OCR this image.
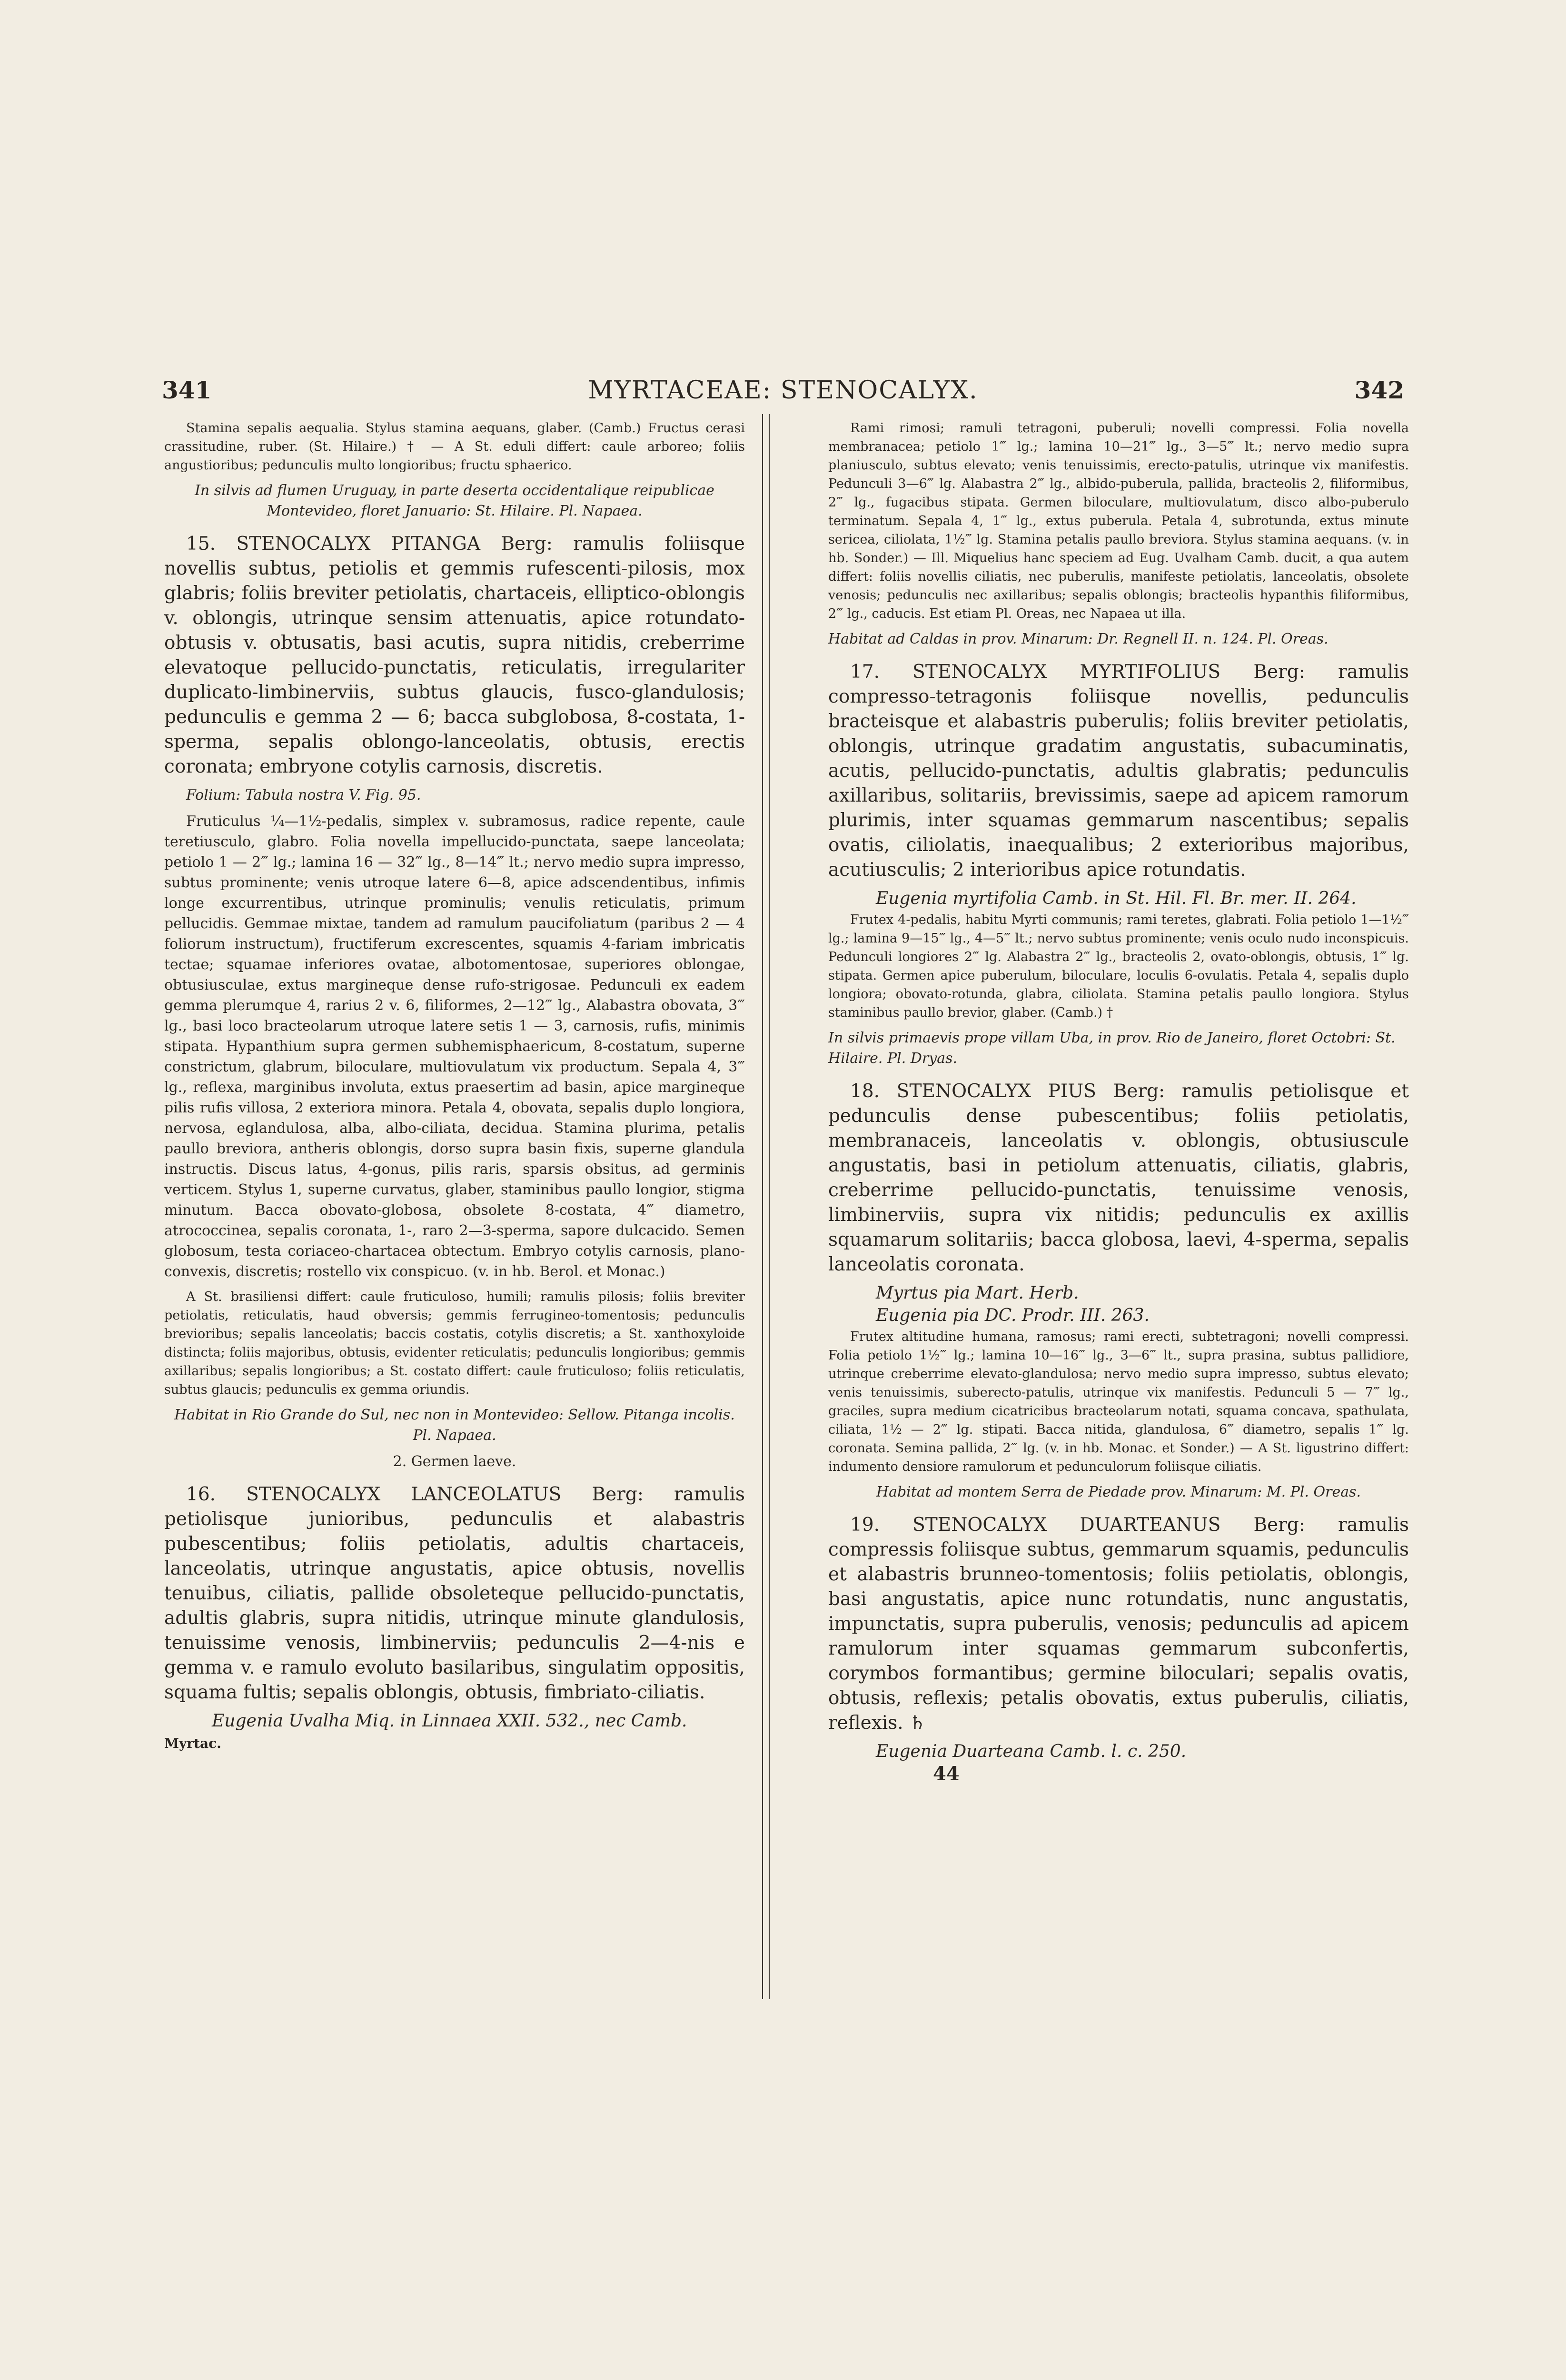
341	MYRTACEAE: STENOCALYX.	342

Stamina sepalis aequalia. Stylus stamina aequans, glaber. (Camb.) Fructus cerasi crassitudine, ruber. (St. Hilaire.) † — A St. eduli differt: caule arboreo; foliis angustioribus; pedunculis multo longioribus; fructu sphaerico.

In silvis ad flumen Uruguay, in parte deserta occidentalique reipublicae Montevideo, floret Januario: St. Hilaire. Pl. Napaea.

15. STENOCALYX PITANGA Berg: ramulis foliisque novellis subtus, petiolis et gemmis rufescenti-pilosis, mox glabris; foliis breviter petiolatis, chartaceis, elliptico-oblongis v. oblongis, utrinque sensim attenuatis, apice rotundato-obtusis v. obtusatis, basi acutis, supra nitidis, creberrime elevatoque pellucido-punctatis, reticulatis, irregulariter duplicato-limbinerviis, subtus glaucis, fusco-glandulosis; pedunculis e gemma 2 — 6; bacca subglobosa, 8-costata, 1-sperma, sepalis oblongo-lanceolatis, obtusis, erectis coronata; embryone cotylis carnosis, discretis.

Folium: Tabula nostra V. Fig. 95.

Fruticulus ¼—1½-pedalis, simplex v. subramosus, radice repente, caule teretiusculo, glabro. Folia novella impellucido-punctata, saepe lanceolata; petiolo 1 — 2‴ lg.; lamina 16 — 32‴ lg., 8—14‴ lt.; nervo medio supra impresso, subtus prominente; venis utroque latere 6—8, apice adscendentibus, infimis longe excurrentibus, utrinque prominulis; venulis reticulatis, primum pellucidis. Gemmae mixtae, tandem ad ramulum paucifoliatum (paribus 2 — 4 foliorum instructum), fructiferum excrescentes, squamis 4-fariam imbricatis tectae; squamae inferiores ovatae, albotomentosae, superiores oblongae, obtusiusculae, extus margineque dense rufo-strigosae. Pedunculi ex eadem gemma plerumque 4, rarius 2 v. 6, filiformes, 2—12‴ lg., Alabastra obovata, 3‴ lg., basi loco bracteolarum utroque latere setis 1 — 3, carnosis, rufis, minimis stipata. Hypanthium supra germen subhemisphaericum, 8-costatum, superne constrictum, glabrum, biloculare, multiovulatum vix productum. Sepala 4, 3‴ lg., reflexa, marginibus involuta, extus praesertim ad basin, apice margineque pilis rufis villosa, 2 exteriora minora. Petala 4, obovata, sepalis duplo longiora, nervosa, eglandulosa, alba, albo-ciliata, decidua. Stamina plurima, petalis paullo breviora, antheris oblongis, dorso supra basin fixis, superne glandula instructis. Discus latus, 4-gonus, pilis raris, sparsis obsitus, ad germinis verticem. Stylus 1, superne curvatus, glaber, staminibus paullo longior, stigma minutum. Bacca obovato-globosa, obsolete 8-costata, 4‴ diametro, atrococcinea, sepalis coronata, 1-, raro 2—3-sperma, sapore dulcacido. Semen globosum, testa coriaceo-chartacea obtectum. Embryo cotylis carnosis, plano-convexis, discretis; rostello vix conspicuo. (v. in hb. Berol. et Monac.)

A St. brasiliensi differt: caule fruticuloso, humili; ramulis pilosis; foliis breviter petiolatis, reticulatis, haud obversis; gemmis ferrugineo-tomentosis; pedunculis brevioribus; sepalis lanceolatis; baccis costatis, cotylis discretis; a St. xanthoxyloide distincta; foliis majoribus, obtusis, evidenter reticulatis; pedunculis longioribus; gemmis axillaribus; sepalis longioribus; a St. costato differt: caule fruticuloso; foliis reticulatis, subtus glaucis; pedunculis ex gemma oriundis.

Habitat in Rio Grande do Sul, nec non in Montevideo: Sellow. Pitanga incolis. Pl. Napaea.

2. Germen laeve.

16. STENOCALYX LANCEOLATUS Berg: ramulis petiolisque junioribus, pedunculis et alabastris pubescentibus; foliis petiolatis, adultis chartaceis, lanceolatis, utrinque angustatis, apice obtusis, novellis tenuibus, ciliatis, pallide obsoleteque pellucido-punctatis, adultis glabris, supra nitidis, utrinque minute glandulosis, tenuissime venosis, limbinerviis; pedunculis 2—4-nis e gemma v. e ramulo evoluto basilaribus, singulatim oppositis, squama fultis; sepalis oblongis, obtusis, fimbriato-ciliatis.

Eugenia Uvalha Miq. in Linnaea XXII. 532., nec Camb.

Myrtac.

Rami rimosi; ramuli tetragoni, puberuli; novelli compressi. Folia novella membranacea; petiolo 1‴ lg.; lamina 10—21‴ lg., 3—5‴ lt.; nervo medio supra planiusculo, subtus elevato; venis tenuissimis, erecto-patulis, utrinque vix manifestis. Pedunculi 3—6‴ lg. Alabastra 2‴ lg., albido-puberula, pallida, bracteolis 2, filiformibus, 2‴ lg., fugacibus stipata. Germen biloculare, multiovulatum, disco albo-puberulo terminatum. Sepala 4, 1‴ lg., extus puberula. Petala 4, subrotunda, extus minute sericea, ciliolata, 1½‴ lg. Stamina petalis paullo breviora. Stylus stamina aequans. (v. in hb. Sonder.) — Ill. Miquelius hanc speciem ad Eug. Uvalham Camb. ducit, a qua autem differt: foliis novellis ciliatis, nec puberulis, manifeste petiolatis, lanceolatis, obsolete venosis; pedunculis nec axillaribus; sepalis oblongis; bracteolis hypanthis filiformibus, 2‴ lg., caducis. Est etiam Pl. Oreas, nec Napaea ut illa.

Habitat ad Caldas in prov. Minarum: Dr. Regnell II. n. 124. Pl. Oreas.

17. STENOCALYX MYRTIFOLIUS Berg: ramulis compresso-tetragonis foliisque novellis, pedunculis bracteisque et alabastris puberulis; foliis breviter petiolatis, oblongis, utrinque gradatim angustatis, subacuminatis, acutis, pellucido-punctatis, adultis glabratis; pedunculis axillaribus, solitariis, brevissimis, saepe ad apicem ramorum plurimis, inter squamas gemmarum nascentibus; sepalis ovatis, ciliolatis, inaequalibus; 2 exterioribus majoribus, acutiusculis; 2 interioribus apice rotundatis.

Eugenia myrtifolia Camb. in St. Hil. Fl. Br. mer. II. 264.

Frutex 4-pedalis, habitu Myrti communis; rami teretes, glabrati. Folia petiolo 1—1½‴ lg.; lamina 9—15‴ lg., 4—5‴ lt.; nervo subtus prominente; venis oculo nudo inconspicuis. Pedunculi longiores 2‴ lg. Alabastra 2‴ lg., bracteolis 2, ovato-oblongis, obtusis, 1‴ lg. stipata. Germen apice puberulum, biloculare, loculis 6-ovulatis. Petala 4, sepalis duplo longiora; obovato-rotunda, glabra, ciliolata. Stamina petalis paullo longiora. Stylus staminibus paullo brevior, glaber. (Camb.) †

In silvis primaevis prope villam Uba, in prov. Rio de Janeiro, floret Octobri: St. Hilaire. Pl. Dryas.

18. STENOCALYX PIUS Berg: ramulis petiolisque et pedunculis dense pubescentibus; foliis petiolatis, membranaceis, lanceolatis v. oblongis, obtusiuscule angustatis, basi in petiolum attenuatis, ciliatis, glabris, creberrime pellucido-punctatis, tenuissime venosis, limbinerviis, supra vix nitidis; pedunculis ex axillis squamarum solitariis; bacca globosa, laevi, 4-sperma, sepalis lanceolatis coronata.

Myrtus pia Mart. Herb.

Eugenia pia DC. Prodr. III. 263.

Frutex altitudine humana, ramosus; rami erecti, subtetragoni; novelli compressi. Folia petiolo 1½‴ lg.; lamina 10—16‴ lg., 3—6‴ lt., supra prasina, subtus pallidiore, utrinque creberrime elevato-glandulosa; nervo medio supra impresso, subtus elevato; venis tenuissimis, suberecto-patulis, utrinque vix manifestis. Pedunculi 5 — 7‴ lg., graciles, supra medium cicatricibus bracteolarum notati, squama concava, spathulata, ciliata, 1½ — 2‴ lg. stipati. Bacca nitida, glandulosa, 6‴ diametro, sepalis 1‴ lg. coronata. Semina pallida, 2‴ lg. (v. in hb. Monac. et Sonder.) — A St. ligustrino differt: indumento densiore ramulorum et pedunculorum foliisque ciliatis.

Habitat ad montem Serra de Piedade prov. Minarum: M. Pl. Oreas.

19. STENOCALYX DUARTEANUS Berg: ramulis compressis foliisque subtus, gemmarum squamis, pedunculis et alabastris brunneo-tomentosis; foliis petiolatis, oblongis, basi angustatis, apice nunc rotundatis, nunc angustatis, impunctatis, supra puberulis, venosis; pedunculis ad apicem ramulorum inter squamas gemmarum subconfertis, corymbos formantibus; germine biloculari; sepalis ovatis, obtusis, reflexis; petalis obovatis, extus puberulis, ciliatis, reflexis. ♄

Eugenia Duarteana Camb. l. c. 250.

44
